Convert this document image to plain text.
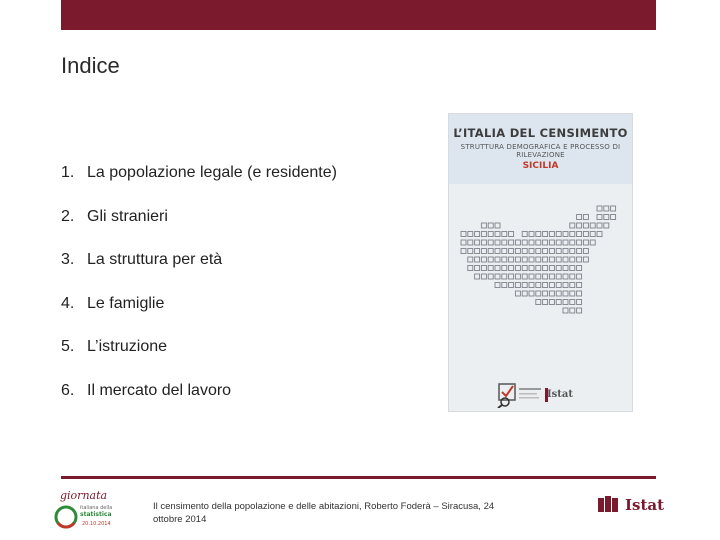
Indice
1. La popolazione legale (e residente)
2. Gli stranieri
3. La struttura per età
4. Le famiglie
5. L’istruzione
6. Il mercato del lavoro
L’ITALIA DEL CENSIMENTO
STRUTTURA DEMOGRAFICA E PROCESSO DI RILEVAZIONE
SICILIA
Istat
giornata
italiana della
statistica
20.10.2014
Il censimento della popolazione e delle abitazioni, Roberto Foderà – Siracusa, 24 ottobre 2014
Istat
